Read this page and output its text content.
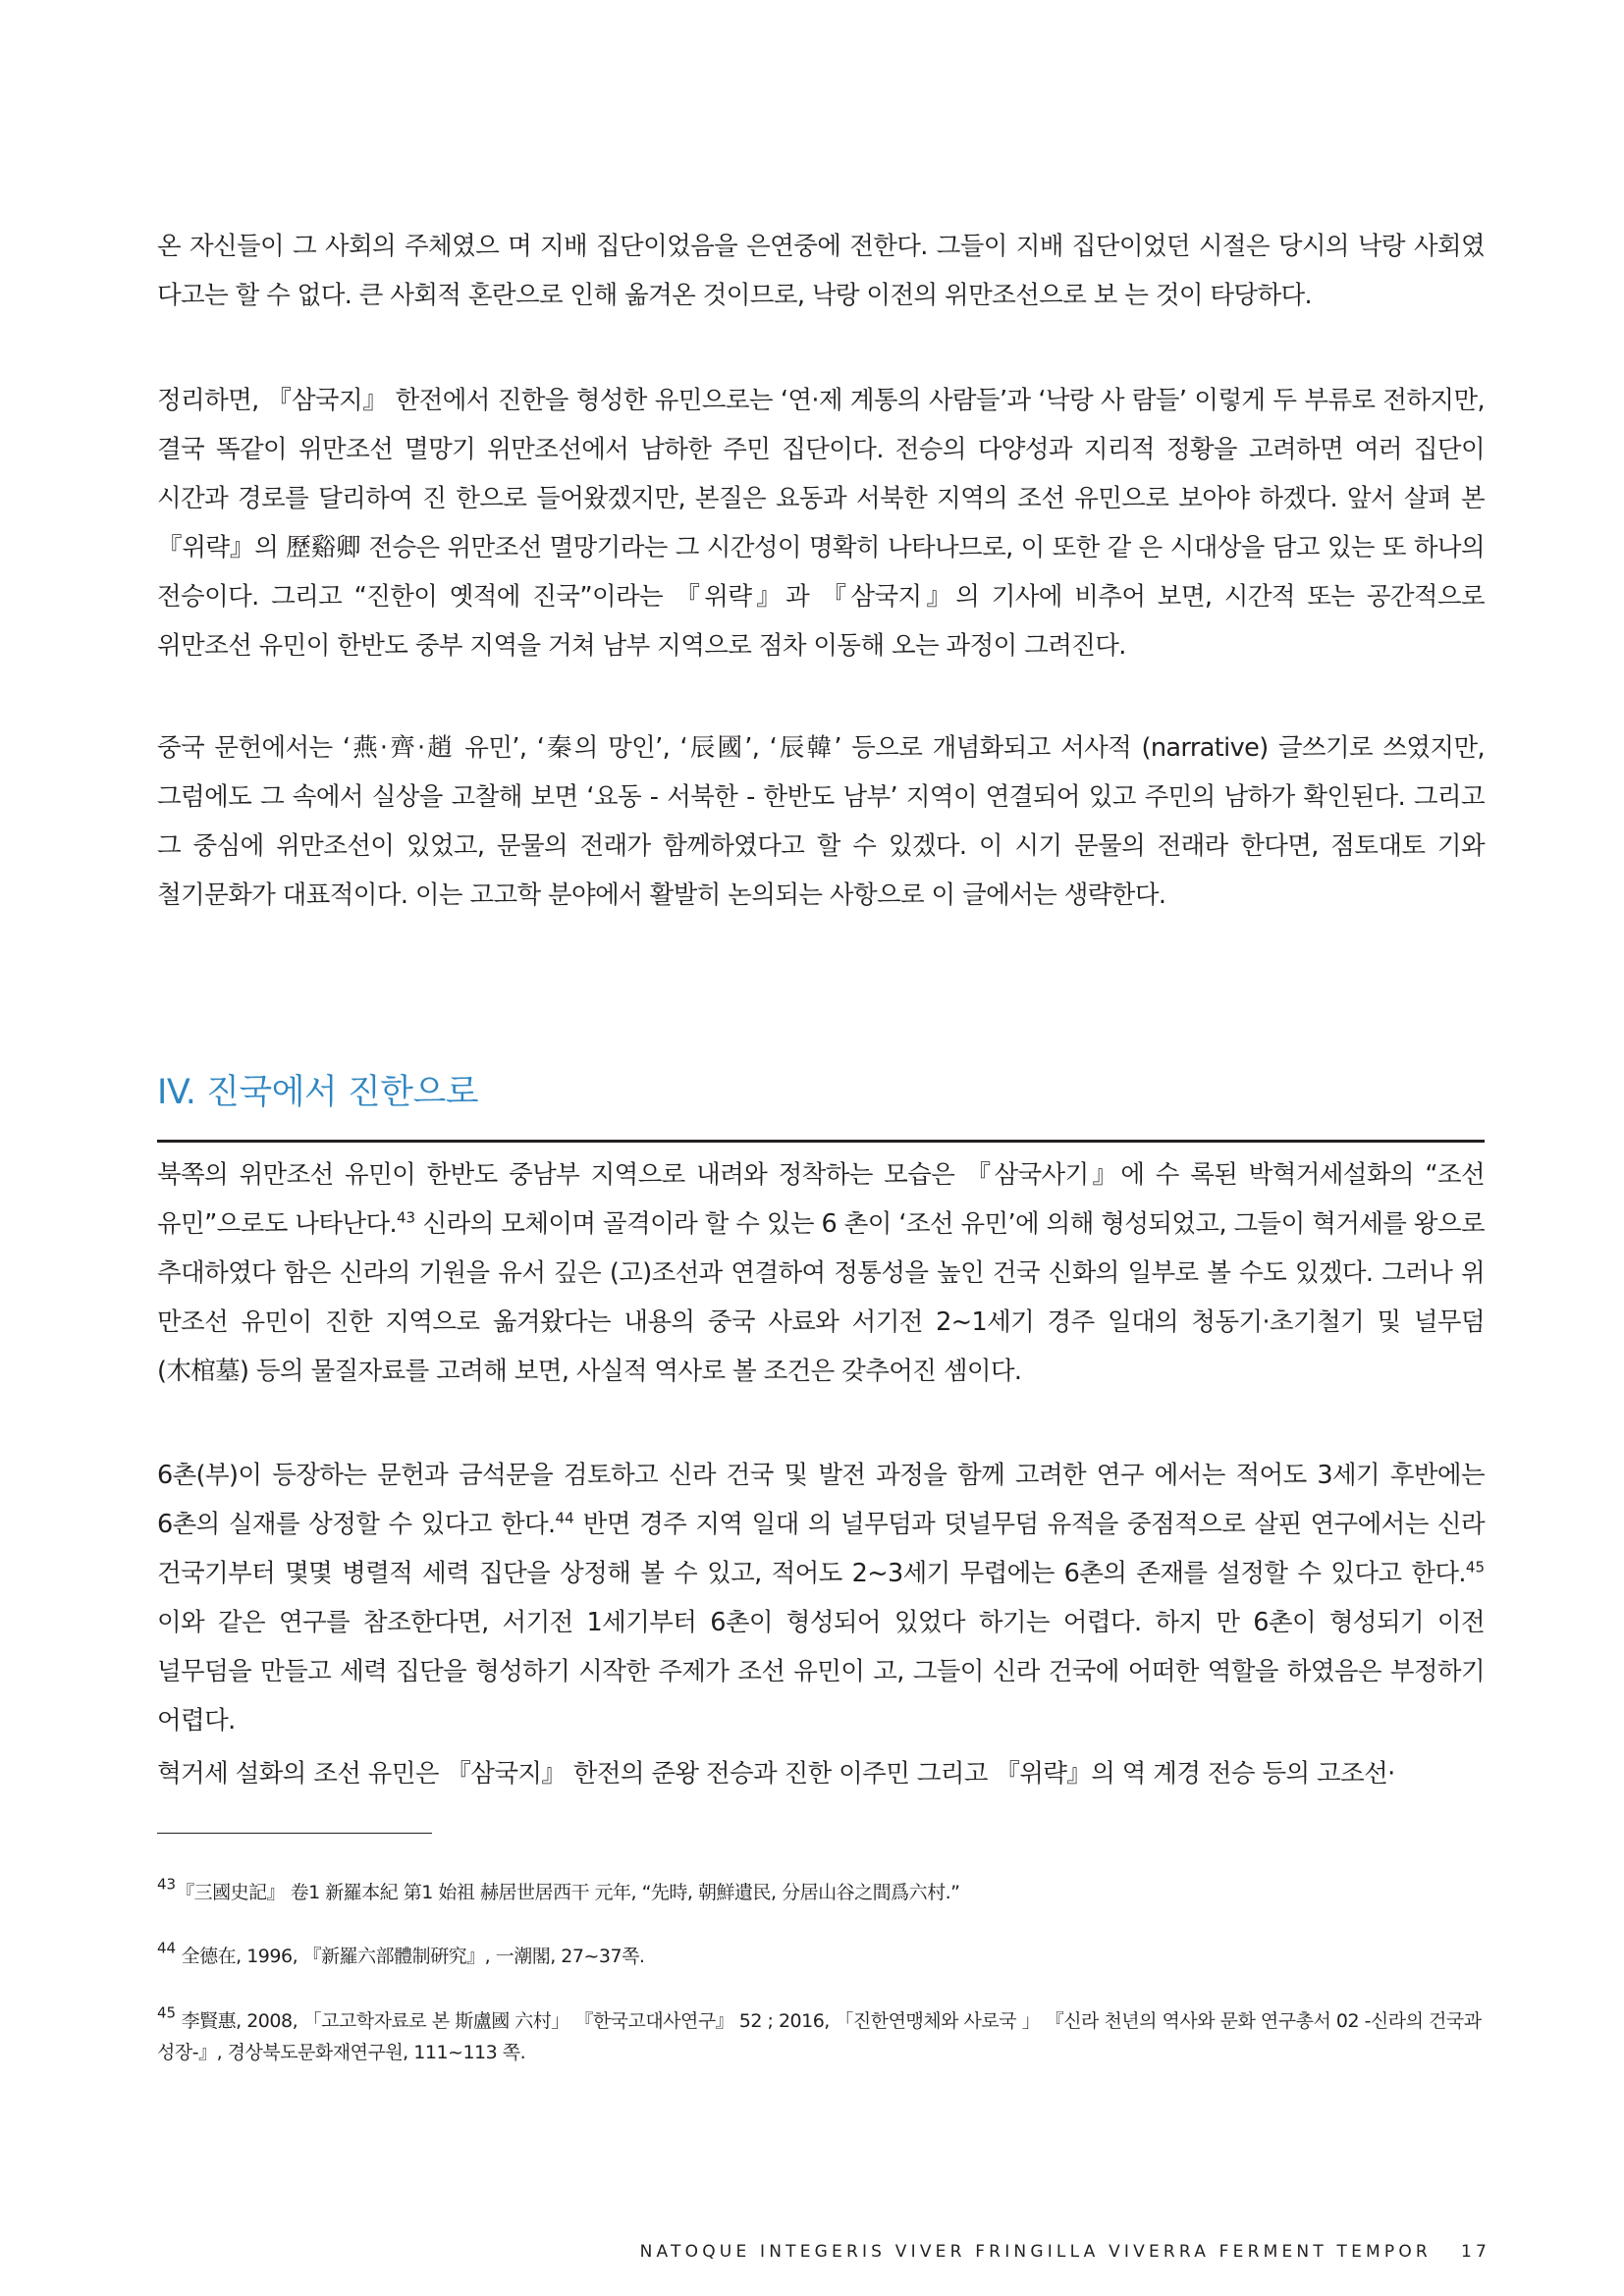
온 자신들이 그 사회의 주체였으 며 지배 집단이었음을 은연중에 전한다. 그들이 지배 집단이었던 시절은 당시의 낙랑 사회였 다고는 할 수 없다. 큰 사회적 혼란으로 인해 옮겨온 것이므로, 낙랑 이전의 위만조선으로 보 는 것이 타당하다.

정리하면, 『삼국지』 한전에서 진한을 형성한 유민으로는 ‘연·제 계통의 사람들’과 ‘낙랑 사 람들’ 이렇게 두 부류로 전하지만, 결국 똑같이 위만조선 멸망기 위만조선에서 남하한 주민 집단이다. 전승의 다양성과 지리적 정황을 고려하면 여러 집단이 시간과 경로를 달리하여 진 한으로 들어왔겠지만, 본질은 요동과 서북한 지역의 조선 유민으로 보아야 하겠다. 앞서 살펴 본 『위략』의 歷谿卿 전승은 위만조선 멸망기라는 그 시간성이 명확히 나타나므로, 이 또한 같 은 시대상을 담고 있는 또 하나의 전승이다. 그리고 “진한이 옛적에 진국”이라는 『위략』과 『삼국지』의 기사에 비추어 보면, 시간적 또는 공간적으로 위만조선 유민이 한반도 중부 지역을 거쳐 남부 지역으로 점차 이동해 오는 과정이 그려진다.

중국 문헌에서는 ‘燕·齊·趙 유민’, ‘秦의 망인’, ‘辰國’, ‘辰韓’ 등으로 개념화되고 서사적 (narrative) 글쓰기로 쓰였지만, 그럼에도 그 속에서 실상을 고찰해 보면 ‘요동 - 서북한 - 한반도 남부’ 지역이 연결되어 있고 주민의 남하가 확인된다. 그리고 그 중심에 위만조선이 있었고, 문물의 전래가 함께하였다고 할 수 있겠다. 이 시기 문물의 전래라 한다면, 점토대토 기와 철기문화가 대표적이다. 이는 고고학 분야에서 활발히 논의되는 사항으로 이 글에서는 생략한다.

IV. 진국에서 진한으로

북쪽의 위만조선 유민이 한반도 중남부 지역으로 내려와 정착하는 모습은 『삼국사기』에 수 록된 박혁거세설화의 “조선 유민”으로도 나타난다.$^{43}$ 신라의 모체이며 골격이라 할 수 있는 6 촌이 ‘조선 유민’에 의해 형성되었고, 그들이 혁거세를 왕으로 추대하였다 함은 신라의 기원을 유서 깊은 (고)조선과 연결하여 정통성을 높인 건국 신화의 일부로 볼 수도 있겠다. 그러나 위 만조선 유민이 진한 지역으로 옮겨왔다는 내용의 중국 사료와 서기전 2~1세기 경주 일대의 청동기·초기철기 및 널무덤(木棺墓) 등의 물질자료를 고려해 보면, 사실적 역사로 볼 조건은 갖추어진 셈이다.

6촌(부)이 등장하는 문헌과 금석문을 검토하고 신라 건국 및 발전 과정을 함께 고려한 연구 에서는 적어도 3세기 후반에는 6촌의 실재를 상정할 수 있다고 한다.$^{44}$ 반면 경주 지역 일대 의 널무덤과 덧널무덤 유적을 중점적으로 살핀 연구에서는 신라 건국기부터 몇몇 병렬적 세력 집단을 상정해 볼 수 있고, 적어도 2~3세기 무렵에는 6촌의 존재를 설정할 수 있다고 한다.$^{45}$ 이와 같은 연구를 참조한다면, 서기전 1세기부터 6촌이 형성되어 있었다 하기는 어렵다. 하지 만 6촌이 형성되기 이전 널무덤을 만들고 세력 집단을 형성하기 시작한 주제가 조선 유민이 고, 그들이 신라 건국에 어떠한 역할을 하였음은 부정하기 어렵다.

혁거세 설화의 조선 유민은 『삼국지』 한전의 준왕 전승과 진한 이주민 그리고 『위략』의 역 계경 전승 등의 고조선·

$^{43}$『三國史記』 卷1 新羅本紀 第1 始祖 赫居世居西干 元年, “先時, 朝鮮遺民, 分居山谷之間爲六村.”

$^{44}$ 全德在, 1996, 『新羅六部體制硏究』, 一潮閣, 27~37쪽.

$^{45}$ 李賢惠, 2008, 「고고학자료로 본 斯盧國 六村」 『한국고대사연구』 52 ; 2016, 「진한연맹체와 사로국 」 『신라 천년의 역사와 문화 연구총서 02 -신라의 건국과 성장-』, 경상북도문화재연구원, 111~113 쪽.

NATOQUE INTEGERIS VIVER FRINGILLA VIVERRA FERMENT TEMPOR 17
